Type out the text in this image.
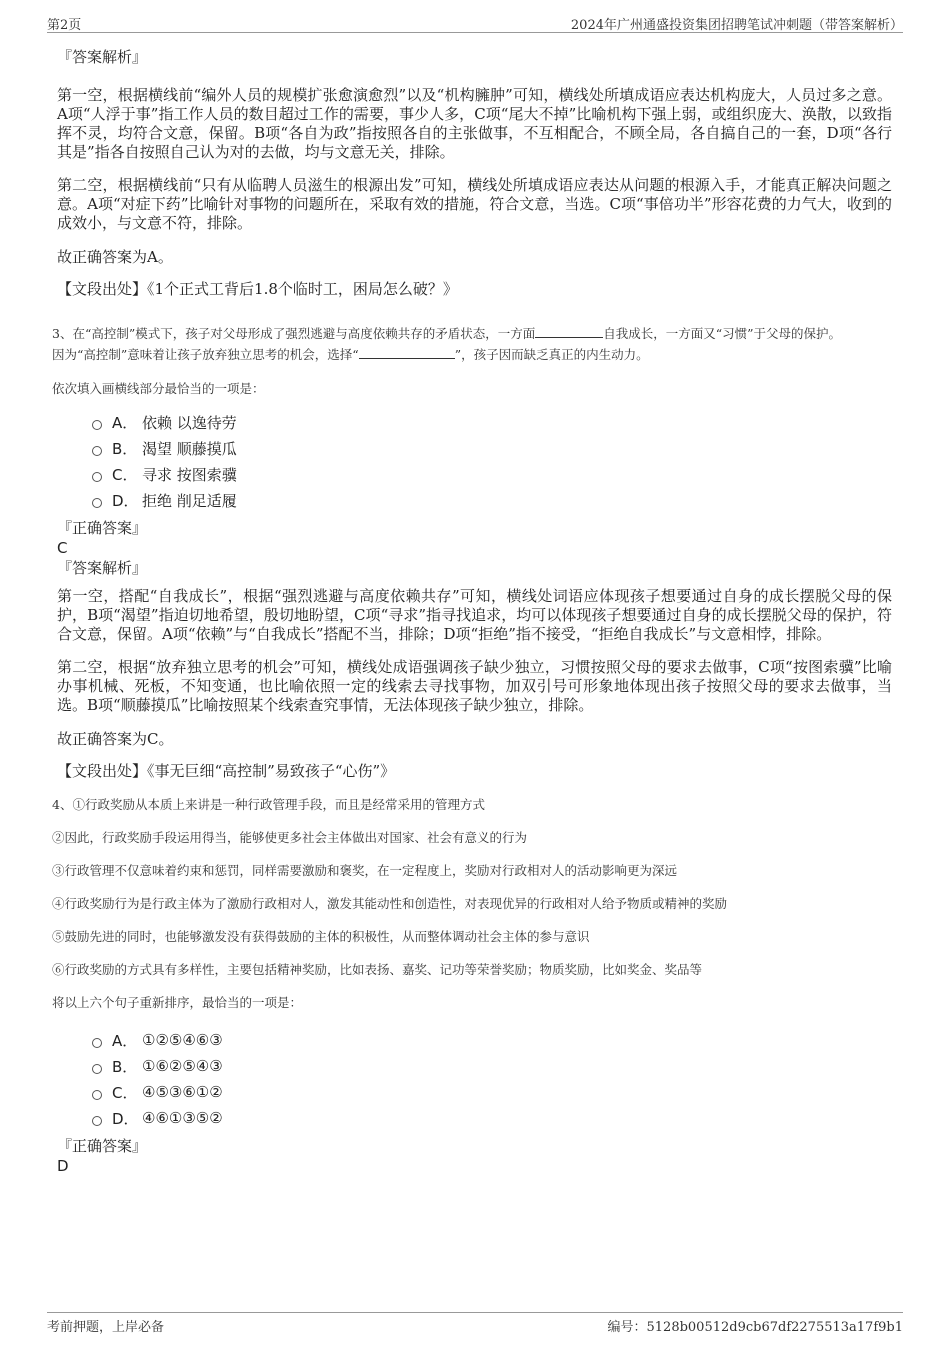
第2页	2024年广州通盛投资集团招聘笔试冲刺题（带答案解析）

『答案解析』

第一空，根据横线前“编外人员的规模扩张愈演愈烈”以及“机构臃肿”可知，横线处所填成语应表达机构庞大，人员过多之意。A项“人浮于事”指工作人员的数目超过工作的需要，事少人多，C项“尾大不掉”比喻机构下强上弱，或组织庞大、涣散，以致指挥不灵，均符合文意，保留。B项“各自为政”指按照各自的主张做事，不互相配合，不顾全局，各自搞自己的一套，D项“各行其是”指各自按照自己认为对的去做，均与文意无关，排除。

第二空，根据横线前“只有从临聘人员滋生的根源出发”可知，横线处所填成语应表达从问题的根源入手，才能真正解决问题之意。A项“对症下药”比喻针对事物的问题所在，采取有效的措施，符合文意，当选。C项“事倍功半”形容花费的力气大，收到的成效小，与文意不符，排除。

故正确答案为A。

【文段出处】《1个正式工背后1.8个临时工，困局怎么破？》

3、在“高控制”模式下，孩子对父母形成了强烈逃避与高度依赖共存的矛盾状态，一方面	自我成长，一方面又“习惯”于父母的保护。
因为“高控制”意味着让孩子放弃独立思考的机会，选择“	”，孩子因而缺乏真正的内生动力。

依次填入画横线部分最恰当的一项是：

A． 依赖 以逸待劳
B． 渴望 顺藤摸瓜
C． 寻求 按图索骥
D． 拒绝 削足适履

『正确答案』

C

『答案解析』

第一空，搭配“自我成长”，根据“强烈逃避与高度依赖共存”可知，横线处词语应体现孩子想要通过自身的成长摆脱父母的保护，B项“渴望”指迫切地希望，殷切地盼望，C项“寻求”指寻找追求，均可以体现孩子想要通过自身的成长摆脱父母的保护，符合文意，保留。A项“依赖”与“自我成长”搭配不当，排除；D项“拒绝”指不接受，“拒绝自我成长”与文意相悖，排除。

第二空，根据“放弃独立思考的机会”可知，横线处成语强调孩子缺少独立，习惯按照父母的要求去做事，C项“按图索骥”比喻办事机械、死板，不知变通，也比喻依照一定的线索去寻找事物，加双引号可形象地体现出孩子按照父母的要求去做事，当选。B项“顺藤摸瓜”比喻按照某个线索查究事情，无法体现孩子缺少独立，排除。

故正确答案为C。

【文段出处】《事无巨细“高控制”易致孩子“心伤”》

4、①行政奖励从本质上来讲是一种行政管理手段，而且是经常采用的管理方式

②因此，行政奖励手段运用得当，能够使更多社会主体做出对国家、社会有意义的行为

③行政管理不仅意味着约束和惩罚，同样需要激励和褒奖，在一定程度上，奖励对行政相对人的活动影响更为深远

④行政奖励行为是行政主体为了激励行政相对人，激发其能动性和创造性，对表现优异的行政相对人给予物质或精神的奖励

⑤鼓励先进的同时，也能够激发没有获得鼓励的主体的积极性，从而整体调动社会主体的参与意识

⑥行政奖励的方式具有多样性，主要包括精神奖励，比如表扬、嘉奖、记功等荣誉奖励；物质奖励，比如奖金、奖品等

将以上六个句子重新排序，最恰当的一项是：

A． ①②⑤④⑥③
B． ①⑥②⑤④③
C． ④⑤③⑥①②
D． ④⑥①③⑤②

『正确答案』

D

考前押题，上岸必备	编号：5128b00512d9cb67df2275513a17f9b1
